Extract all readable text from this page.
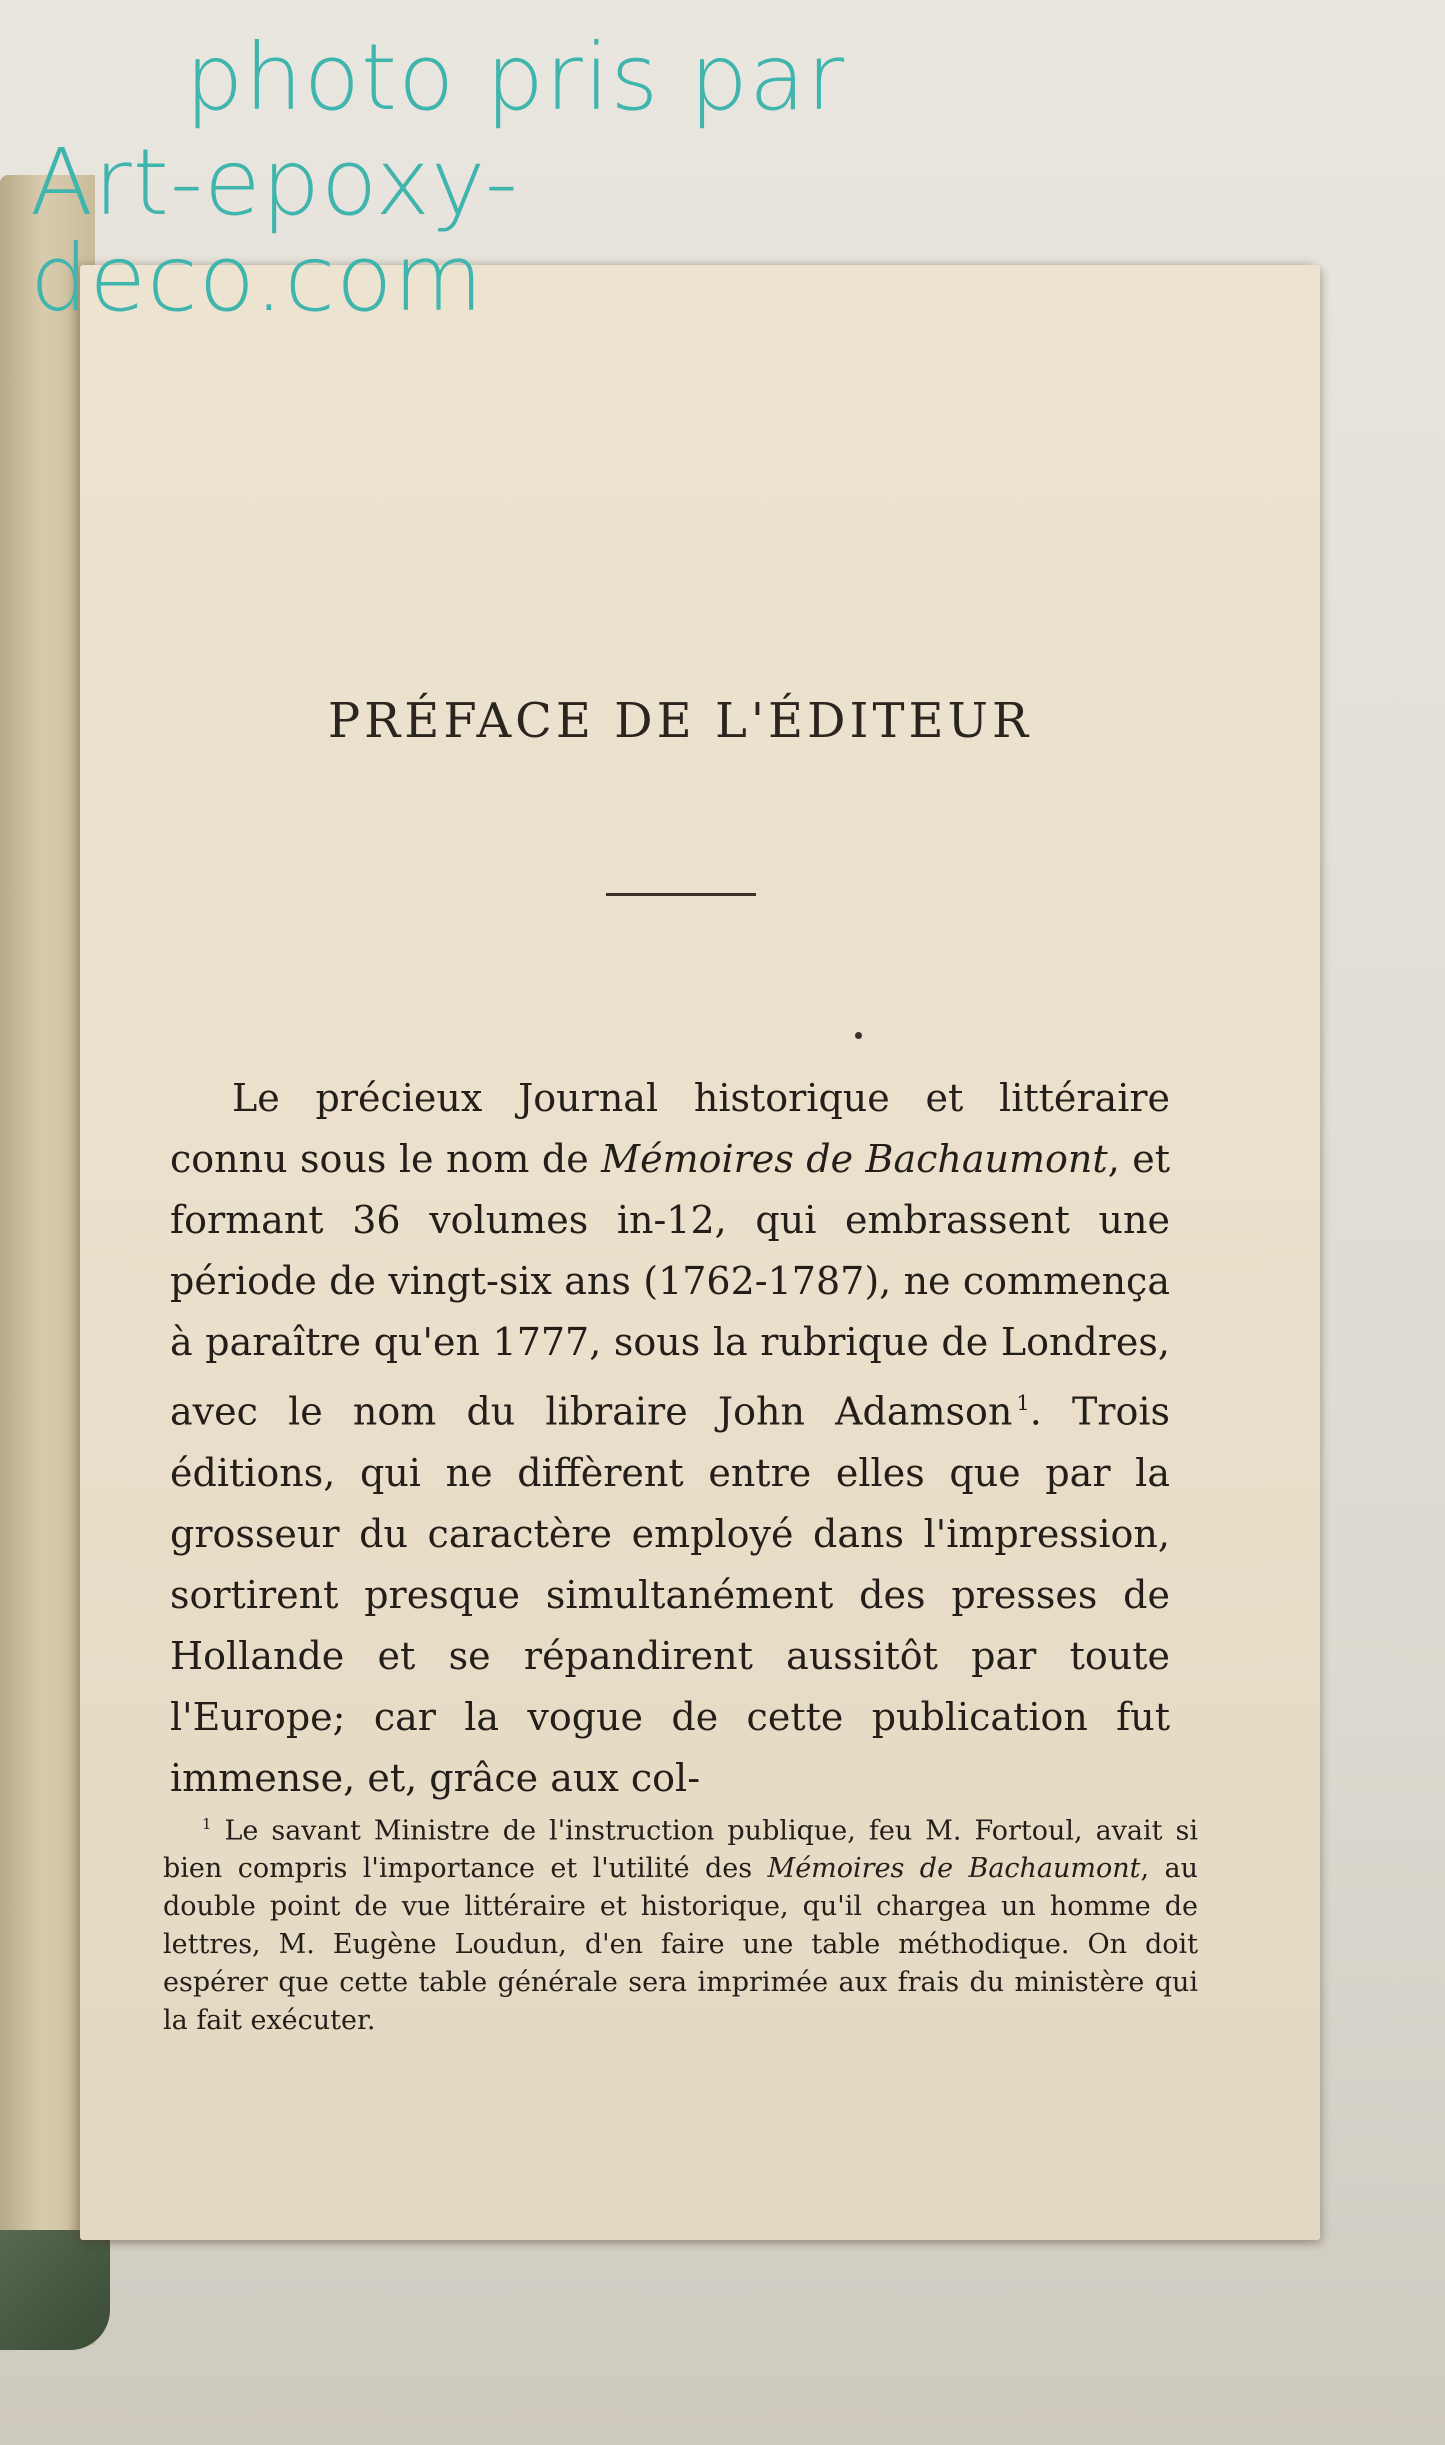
photo pris par
Art-epoxy-deco.com
PRÉFACE DE L'ÉDITEUR

Le précieux Journal historique et littéraire connu sous le nom de Mémoires de Bachaumont, et formant 36 volumes in-12, qui embrassent une période de vingt-six ans (1762-1787), ne commença à paraître qu'en 1777, sous la rubrique de Londres, avec le nom du libraire John Adamson $^1$. Trois éditions, qui ne diffèrent entre elles que par la grosseur du caractère employé dans l'impression, sortirent presque simultanément des presses de Hollande et se répandirent aussitôt par toute l'Europe; car la vogue de cette publication fut immense, et, grâce aux col-

$^1$ Le savant Ministre de l'instruction publique, feu M. Fortoul, avait si bien compris l'importance et l'utilité des Mémoires de Bachaumont, au double point de vue littéraire et historique, qu'il chargea un homme de lettres, M. Eugène Loudun, d'en faire une table méthodique. On doit espérer que cette table générale sera imprimée aux frais du ministère qui la fait exécuter.
